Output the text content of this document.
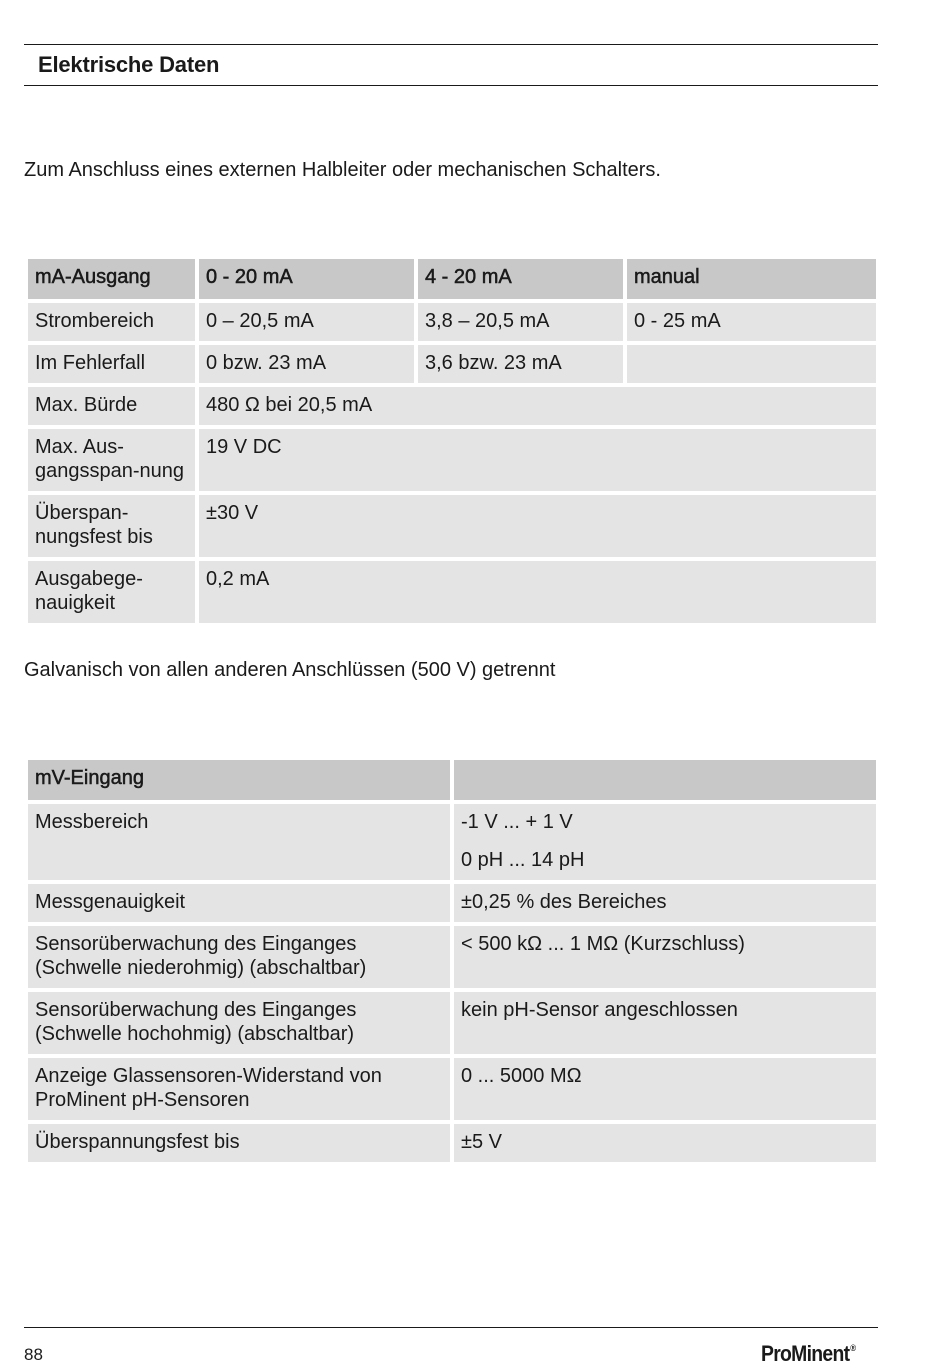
Elektrische Daten
Zum Anschluss eines externen Halbleiter oder mechanischen Schalters.
mA-Ausgang	0 - 20 mA	4 - 20 mA	manual
Strombereich	0 – 20,5 mA	3,8 – 20,5 mA	0 - 25 mA
Im Fehlerfall	0 bzw. 23 mA	3,6 bzw. 23 mA	
Max. Bürde	480 Ω bei 20,5 mA		
Max. Aus-gangsspan-nung	19 V DC		
Überspan-nungsfest bis	±30 V		
Ausgabege-nauigkeit	0,2 mA		
Galvanisch von allen anderen Anschlüssen (500 V) getrennt
mV-Eingang	
Messbereich	-1 V ... + 1 V
0 pH ... 14 pH

Messgenauigkeit	±0,25 % des Bereiches
Sensorüberwachung des Einganges (Schwelle niederohmig) (abschaltbar)	< 500 kΩ ... 1 MΩ (Kurzschluss)
Sensorüberwachung des Einganges (Schwelle hochohmig) (abschaltbar)	kein pH-Sensor angeschlossen
Anzeige Glassensoren-Widerstand von ProMinent pH-Sensoren	0 ... 5000 MΩ
Überspannungsfest bis	±5 V
88	ProMinent®
